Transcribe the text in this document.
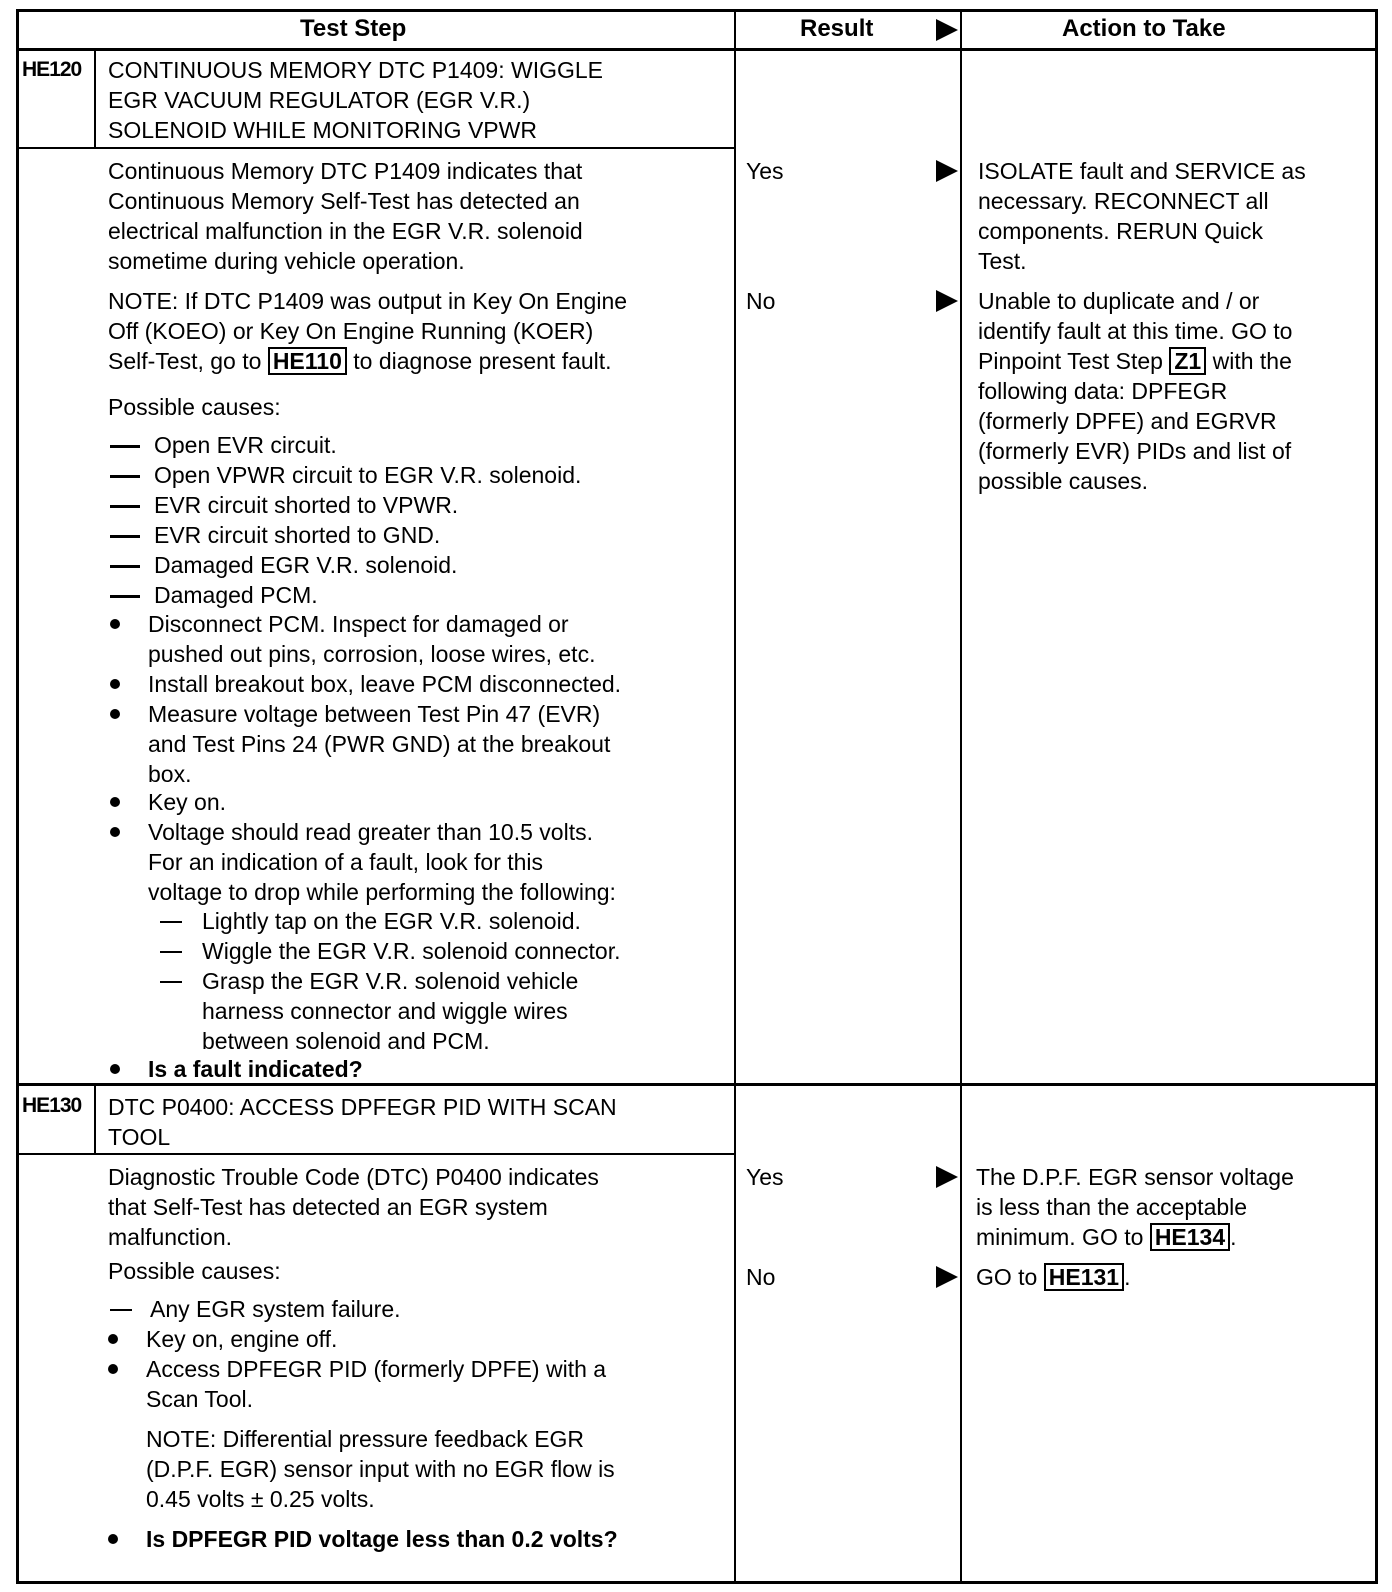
Test Step	Result	Action to Take
HE120 CONTINUOUS MEMORY DTC P1409: WIGGLE
EGR VACUUM REGULATOR (EGR V.R.)
SOLENOID WHILE MONITORING VPWR
Continuous Memory DTC P1409 indicates that
Continuous Memory Self-Test has detected an
electrical malfunction in the EGR V.R. solenoid
sometime during vehicle operation.
NOTE: If DTC P1409 was output in Key On Engine
Off (KOEO) or Key On Engine Running (KOER)
Self-Test, go to HE110 to diagnose present fault.
Possible causes:
Open EVR circuit.
Open VPWR circuit to EGR V.R. solenoid.
EVR circuit shorted to VPWR.
EVR circuit shorted to GND.
Damaged EGR V.R. solenoid.
Damaged PCM.
Disconnect PCM. Inspect for damaged or
pushed out pins, corrosion, loose wires, etc.
Install breakout box, leave PCM disconnected.
Measure voltage between Test Pin 47 (EVR)
and Test Pins 24 (PWR GND) at the breakout
box.
Key on.
Voltage should read greater than 10.5 volts.
For an indication of a fault, look for this
voltage to drop while performing the following:
Lightly tap on the EGR V.R. solenoid.
Wiggle the EGR V.R. solenoid connector.
Grasp the EGR V.R. solenoid vehicle
harness connector and wiggle wires
between solenoid and PCM.
Is a fault indicated?
Yes	ISOLATE fault and SERVICE as
necessary. RECONNECT all
components. RERUN Quick
Test.
No	Unable to duplicate and / or
identify fault at this time. GO to
Pinpoint Test Step Z1 with the
following data: DPFEGR
(formerly DPFE) and EGRVR
(formerly EVR) PIDs and list of
possible causes.
HE130 DTC P0400: ACCESS DPFEGR PID WITH SCAN
TOOL
Diagnostic Trouble Code (DTC) P0400 indicates
that Self-Test has detected an EGR system
malfunction.
Possible causes:
Any EGR system failure.
Key on, engine off.
Access DPFEGR PID (formerly DPFE) with a
Scan Tool.
NOTE: Differential pressure feedback EGR
(D.P.F. EGR) sensor input with no EGR flow is
0.45 volts ± 0.25 volts.
Is DPFEGR PID voltage less than 0.2 volts?
Yes	The D.P.F. EGR sensor voltage
is less than the acceptable
minimum. GO to HE134 .
No	GO to HE131 .
